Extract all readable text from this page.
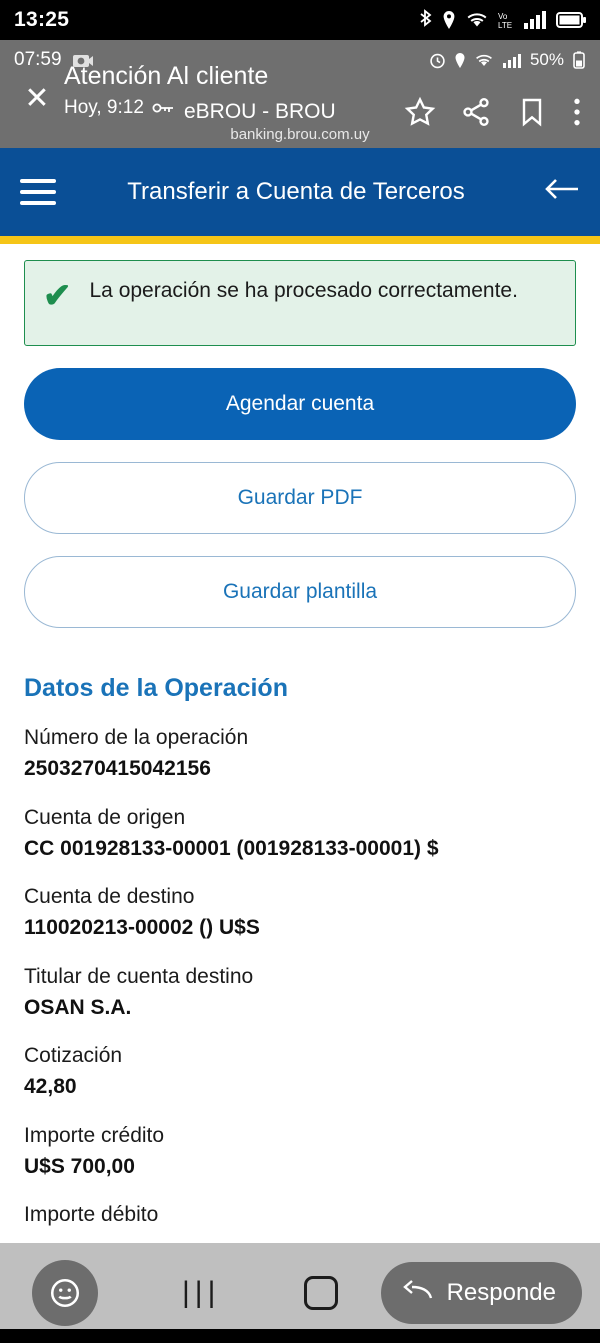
13:25	Vo
LTE
07:59	50%
eBROU - BROU
banking.brou.com.uy
✕
Atención Al cliente
Hoy, 9:12
Transferir a Cuenta de Terceros
✔ La operación se ha procesado correctamente.
Agendar cuenta
Guardar PDF
Guardar plantilla
Datos de la Operación
Número de la operación
2503270415042156
Cuenta de origen
CC 001928133-00001 (001928133-00001) $
Cuenta de destino
110020213-00002 () U$S
Titular de cuenta destino
OSAN S.A.
Cotización
42,80
Importe crédito
U$S 700,00
Importe débito
|||	Responde
